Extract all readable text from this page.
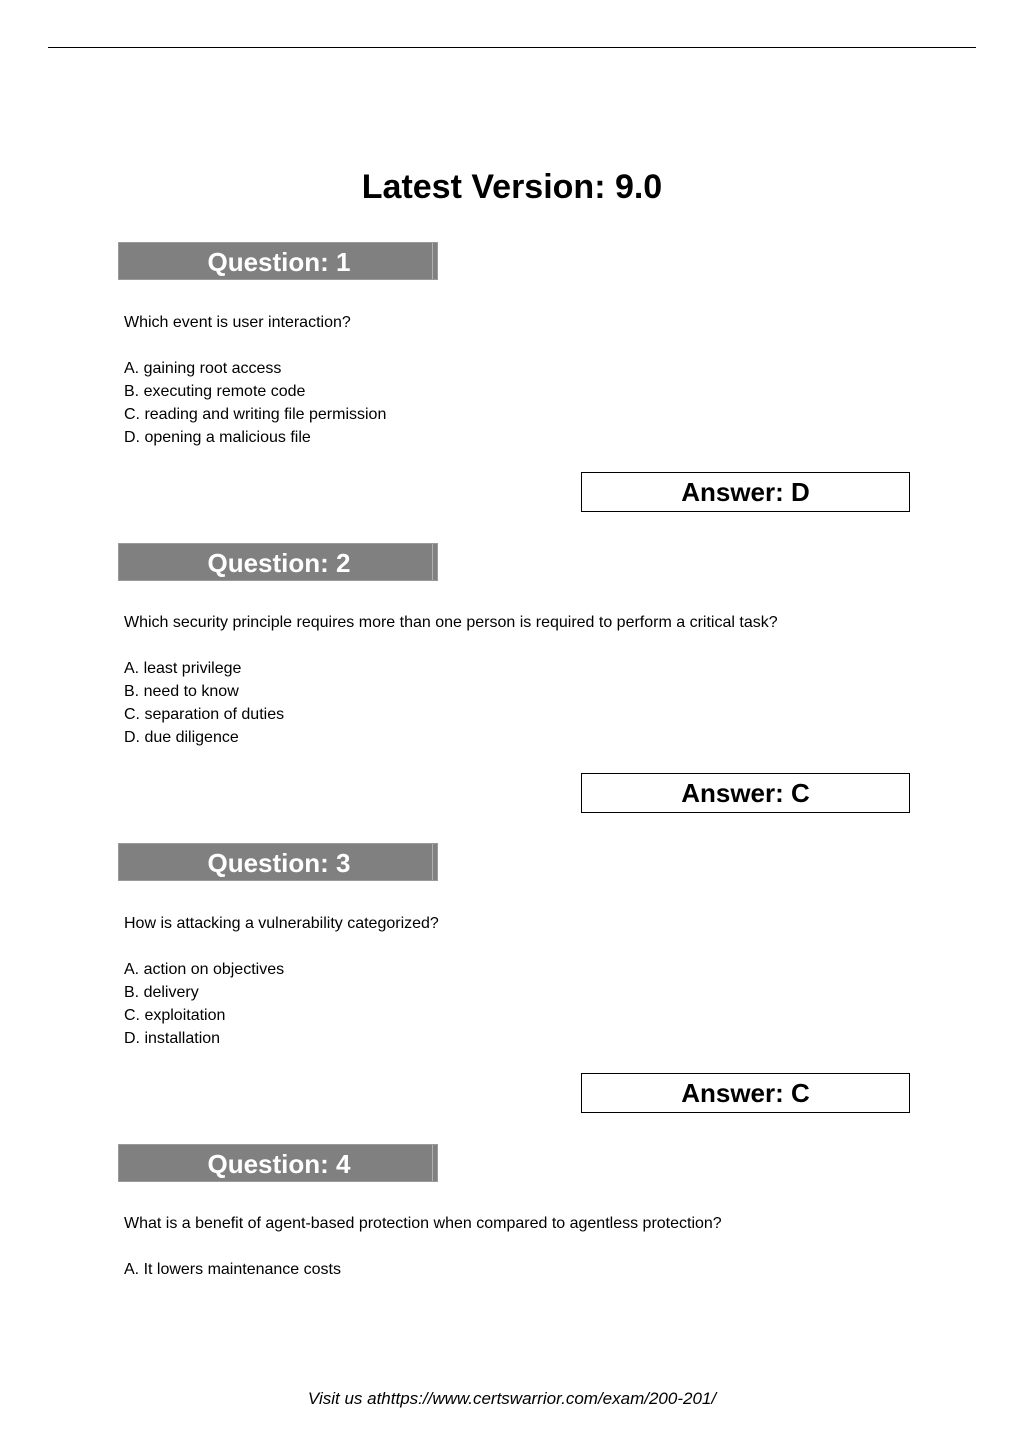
Latest Version: 9.0
Question: 1
Which event is user interaction?
A. gaining root access
B. executing remote code
C. reading and writing file permission
D. opening a malicious file
Answer: D
Question: 2
Which security principle requires more than one person is required to perform a critical task?
A. least privilege
B. need to know
C. separation of duties
D. due diligence
Answer: C
Question: 3
How is attacking a vulnerability categorized?
A. action on objectives
B. delivery
C. exploitation
D. installation
Answer: C
Question: 4
What is a benefit of agent-based protection when compared to agentless protection?
A. It lowers maintenance costs
Visit us athttps://www.certswarrior.com/exam/200-201/
